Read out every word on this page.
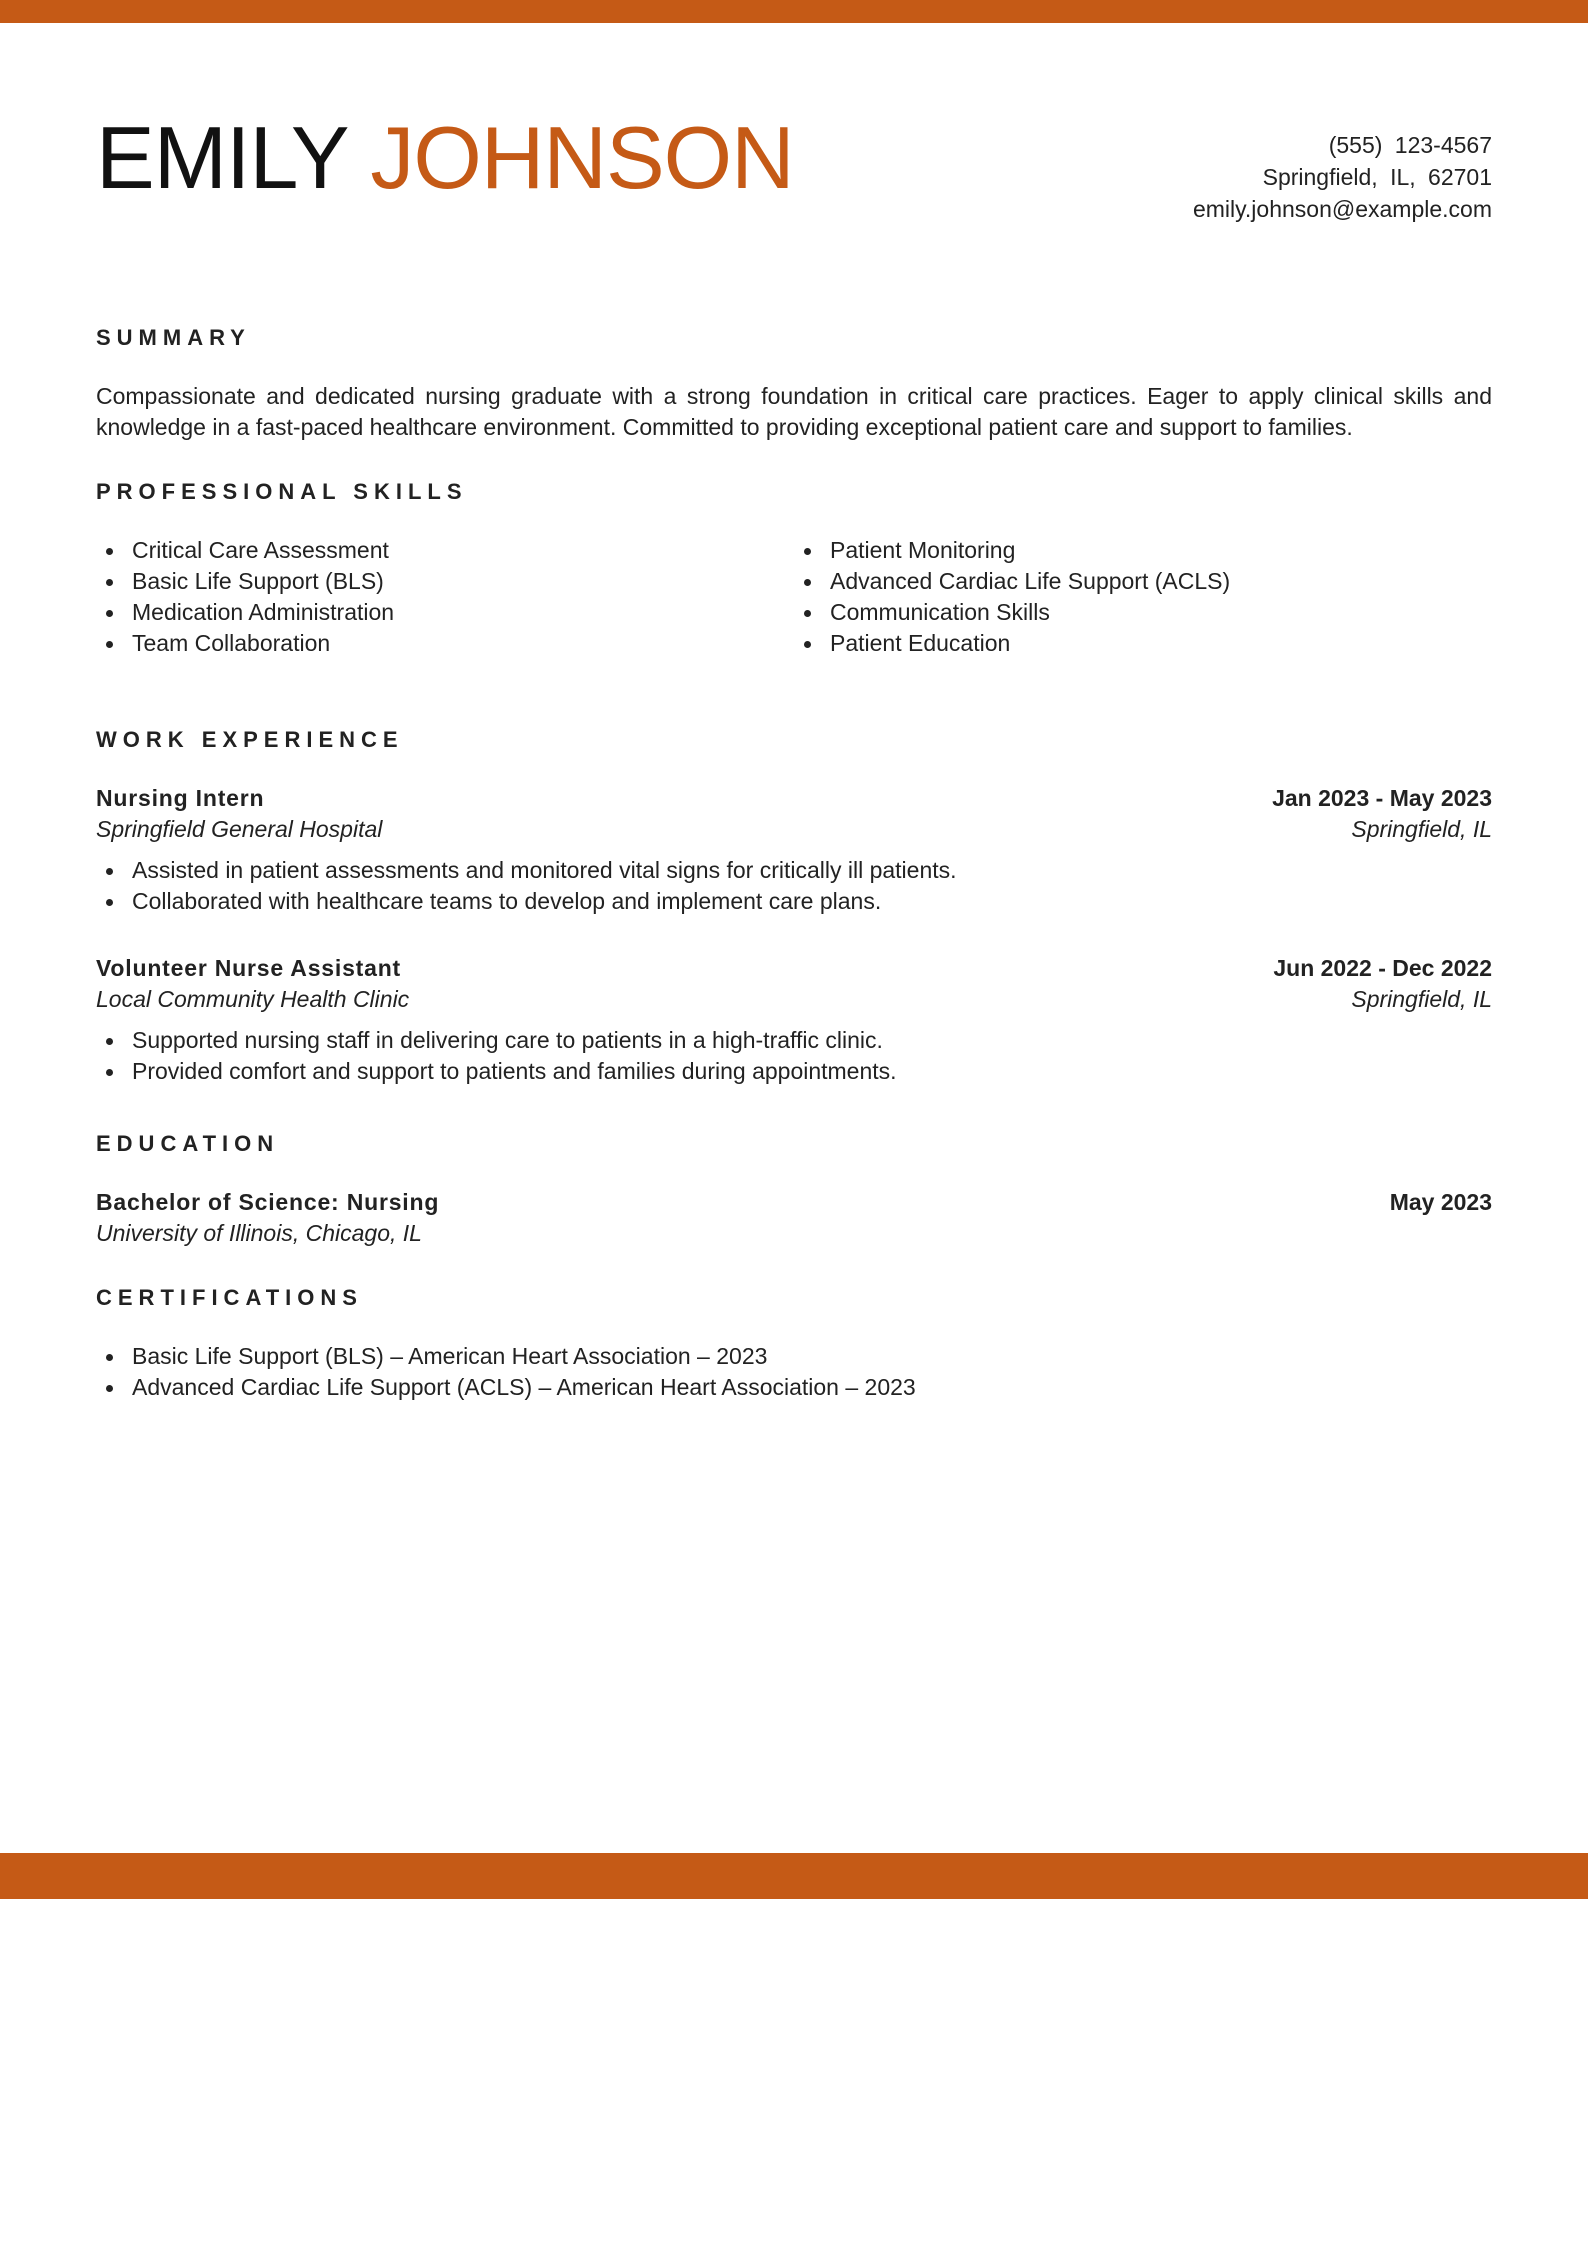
EMILY JOHNSON	(555) 123-4567
Springfield, IL, 62701
emily.johnson@example.com
SUMMARY

Compassionate and dedicated nursing graduate with a strong foundation in critical care practices. Eager to apply clinical skills and knowledge in a fast-paced healthcare environment. Committed to providing exceptional patient care and support to families.

PROFESSIONAL SKILLS
Critical Care Assessment
Basic Life Support (BLS)
Medication Administration
Team Collaboration
Patient Monitoring
Advanced Cardiac Life Support (ACLS)
Communication Skills
Patient Education
WORK EXPERIENCE
Nursing Intern	Jan 2023 - May 2023
Springfield General Hospital	Springfield, IL
Assisted in patient assessments and monitored vital signs for critically ill patients.
Collaborated with healthcare teams to develop and implement care plans.
Volunteer Nurse Assistant	Jun 2022 - Dec 2022
Local Community Health Clinic	Springfield, IL
Supported nursing staff in delivering care to patients in a high-traffic clinic.
Provided comfort and support to patients and families during appointments.
EDUCATION
Bachelor of Science: Nursing	May 2023
University of Illinois, Chicago, IL
CERTIFICATIONS
Basic Life Support (BLS) – American Heart Association – 2023
Advanced Cardiac Life Support (ACLS) – American Heart Association – 2023
